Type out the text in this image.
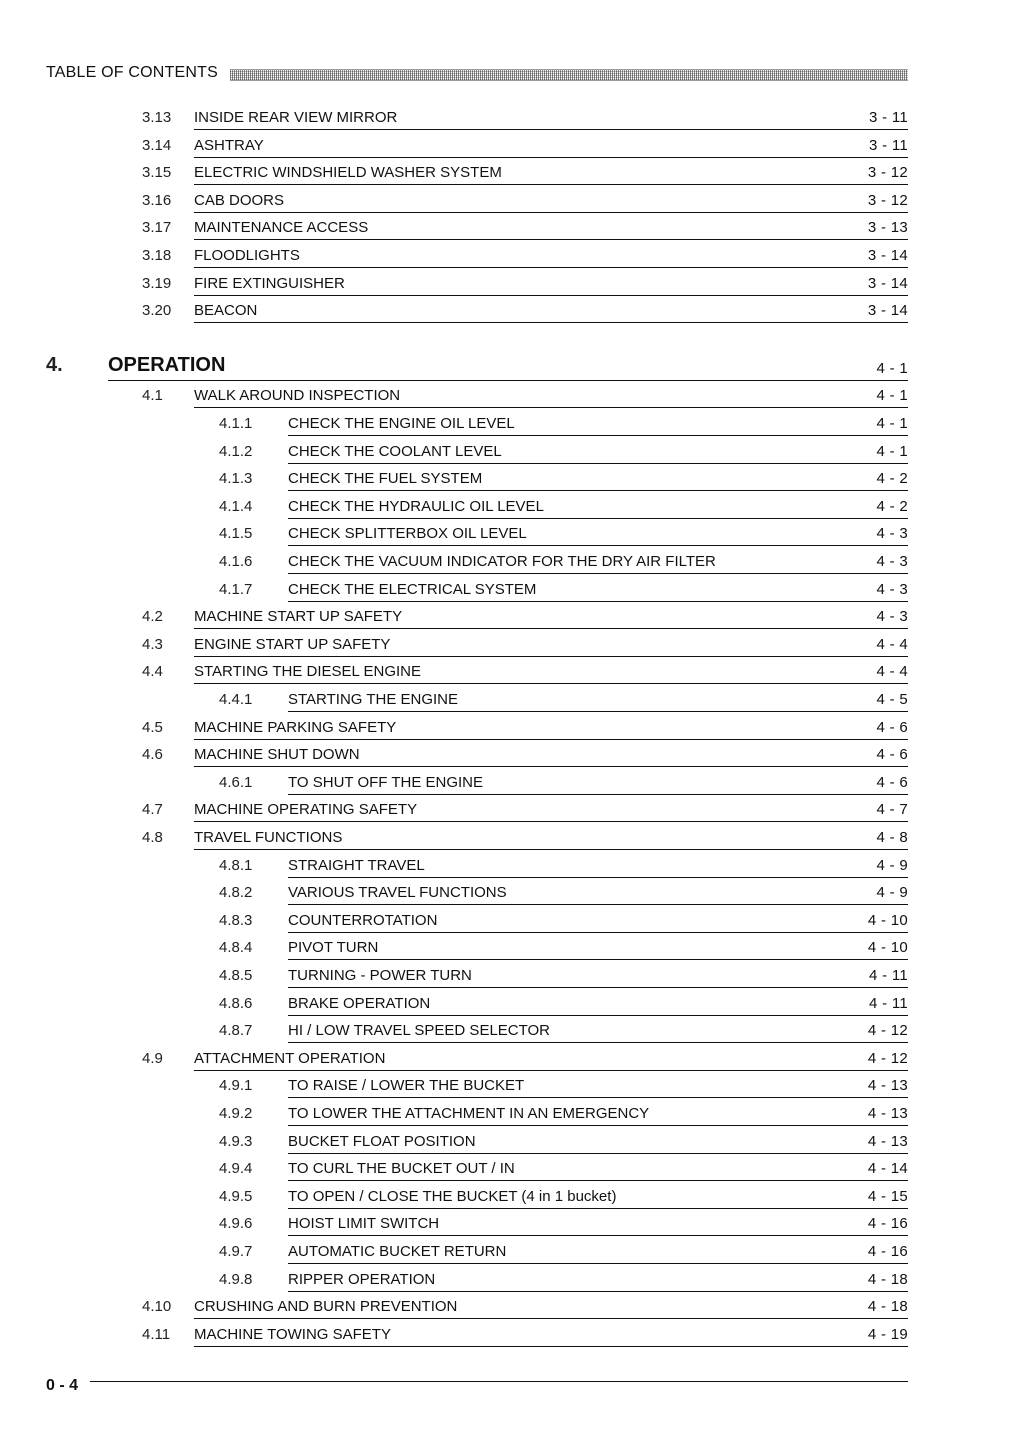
TABLE OF CONTENTS
3.13 INSIDE REAR VIEW MIRROR	3 - 11
3.14 ASHTRAY	3 - 11
3.15 ELECTRIC WINDSHIELD WASHER SYSTEM	3 - 12
3.16 CAB DOORS	3 - 12
3.17 MAINTENANCE ACCESS	3 - 13
3.18 FLOODLIGHTS	3 - 14
3.19 FIRE EXTINGUISHER	3 - 14
3.20 BEACON	3 - 14
4. OPERATION	4 - 1
4.1 WALK AROUND INSPECTION	4 - 1
4.1.1 CHECK THE ENGINE OIL LEVEL	4 - 1
4.1.2 CHECK THE COOLANT LEVEL	4 - 1
4.1.3 CHECK THE FUEL SYSTEM	4 - 2
4.1.4 CHECK THE HYDRAULIC OIL LEVEL	4 - 2
4.1.5 CHECK SPLITTERBOX OIL LEVEL	4 - 3
4.1.6 CHECK THE VACUUM INDICATOR FOR THE DRY AIR FILTER	4 - 3
4.1.7 CHECK THE ELECTRICAL SYSTEM	4 - 3
4.2 MACHINE START UP SAFETY	4 - 3
4.3 ENGINE START UP SAFETY	4 - 4
4.4 STARTING THE DIESEL ENGINE	4 - 4
4.4.1 STARTING THE ENGINE	4 - 5
4.5 MACHINE PARKING SAFETY	4 - 6
4.6 MACHINE SHUT DOWN	4 - 6
4.6.1 TO SHUT OFF THE ENGINE	4 - 6
4.7 MACHINE OPERATING SAFETY	4 - 7
4.8 TRAVEL FUNCTIONS	4 - 8
4.8.1 STRAIGHT TRAVEL	4 - 9
4.8.2 VARIOUS TRAVEL FUNCTIONS	4 - 9
4.8.3 COUNTERROTATION	4 - 10
4.8.4 PIVOT TURN	4 - 10
4.8.5 TURNING - POWER TURN	4 - 11
4.8.6 BRAKE OPERATION	4 - 11
4.8.7 HI / LOW TRAVEL SPEED SELECTOR	4 - 12
4.9 ATTACHMENT OPERATION	4 - 12
4.9.1 TO RAISE / LOWER THE BUCKET	4 - 13
4.9.2 TO LOWER THE ATTACHMENT IN AN EMERGENCY	4 - 13
4.9.3 BUCKET FLOAT POSITION	4 - 13
4.9.4 TO CURL THE BUCKET OUT / IN	4 - 14
4.9.5 TO OPEN / CLOSE THE BUCKET (4 in 1 bucket)	4 - 15
4.9.6 HOIST LIMIT SWITCH	4 - 16
4.9.7 AUTOMATIC BUCKET RETURN	4 - 16
4.9.8 RIPPER OPERATION	4 - 18
4.10 CRUSHING AND BURN PREVENTION	4 - 18
4.11 MACHINE TOWING SAFETY	4 - 19
0 - 4
